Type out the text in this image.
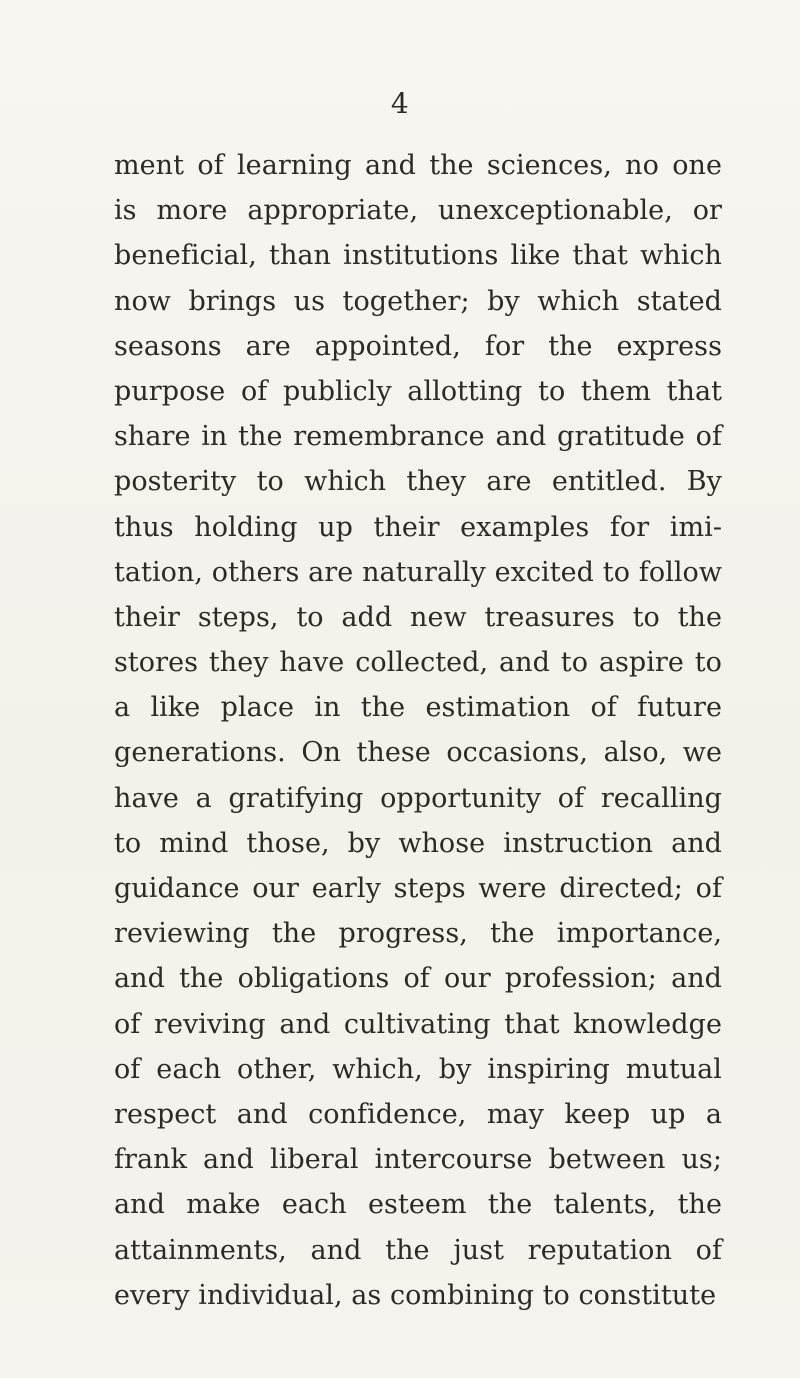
4
ment of learning and the sciences, no one
is more appropriate, unexceptionable, or
beneficial, than institutions like that which
now brings us together; by which stated
seasons are appointed, for the express
purpose of publicly allotting to them that
share in the remembrance and gratitude of
posterity to which they are entitled. By
thus holding up their examples for imi-
tation, others are naturally excited to follow
their steps, to add new treasures to the
stores they have collected, and to aspire to
a like place in the estimation of future
generations. On these occasions, also, we
have a gratifying opportunity of recalling
to mind those, by whose instruction and
guidance our early steps were directed; of
reviewing the progress, the importance,
and the obligations of our profession; and
of reviving and cultivating that knowledge
of each other, which, by inspiring mutual
respect and confidence, may keep up a
frank and liberal intercourse between us;
and make each esteem the talents, the
attainments, and the just reputation of
every individual, as combining to constitute
